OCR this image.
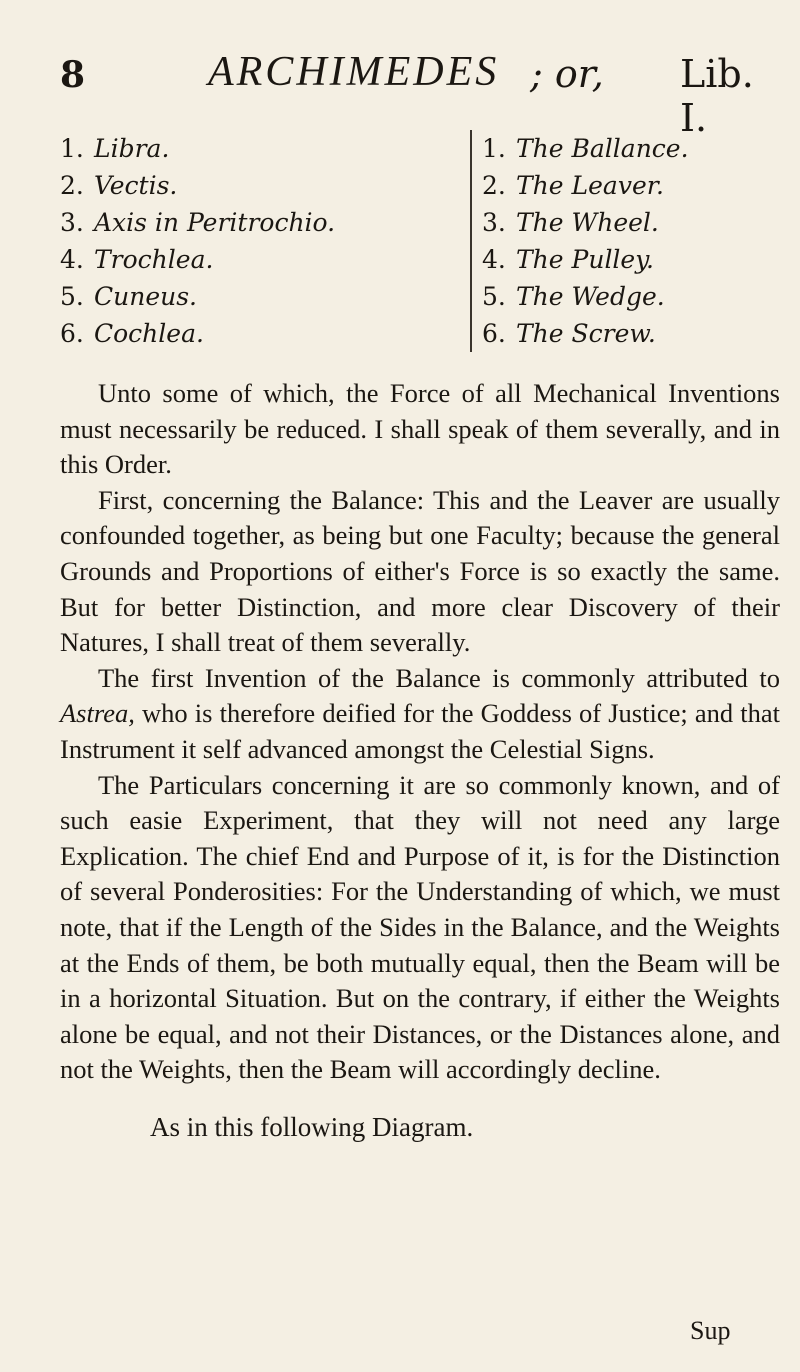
8	ARCHIMEDES ; or, Lib. I.
1. Libra.
2. Vectis.
3. Axis in Peritrochio.
4. Trochlea.
5. Cuneus.
6. Cochlea.
1. The Ballance.
2. The Leaver.
3. The Wheel.
4. The Pulley.
5. The Wedge.
6. The Screw.

Unto some of which, the Force of all Mechanical Inventions must necessarily be reduced. I shall speak of them severally, and in this Order.

First, concerning the Balance: This and the Leaver are usually confounded together, as being but one Faculty; because the general Grounds and Proportions of either's Force is so exactly the same. But for better Distinction, and more clear Discovery of their Natures, I shall treat of them severally.

The first Invention of the Balance is commonly attributed to Astrea, who is therefore deified for the Goddess of Justice; and that Instrument it self advanced amongst the Celestial Signs.

The Particulars concerning it are so commonly known, and of such easie Experiment, that they will not need any large Explication. The chief End and Purpose of it, is for the Distinction of several Ponderosities: For the Understanding of which, we must note, that if the Length of the Sides in the Balance, and the Weights at the Ends of them, be both mutually equal, then the Beam will be in a horizontal Situation. But on the contrary, if either the Weights alone be equal, and not their Distances, or the Distances alone, and not the Weights, then the Beam will accordingly decline.

As in this following Diagram.
Sup
